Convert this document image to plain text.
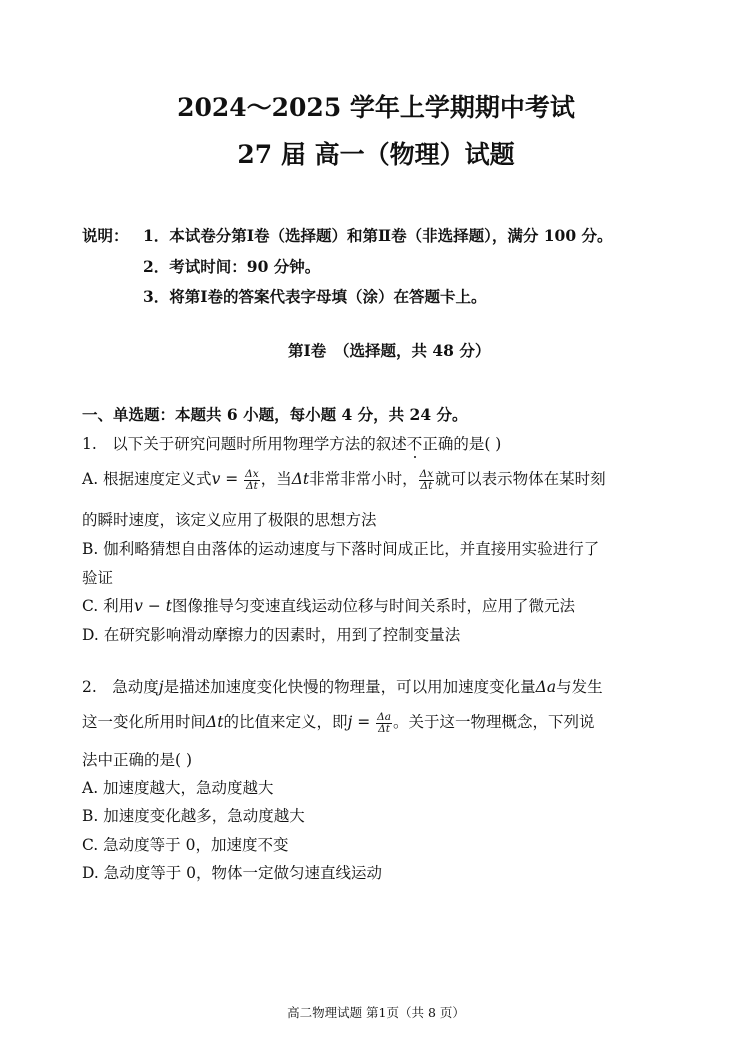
2024～2025 学年上学期期中考试
27 届 高一（物理）试题
说明： 1．本试卷分第Ⅰ卷（选择题）和第Ⅱ卷（非选择题），满分 100 分。
2．考试时间：90 分钟。
3．将第Ⅰ卷的答案代表字母填（涂）在答题卡上。
第Ⅰ卷　（选择题，共 48 分）
一、单选题：本题共 6 小题，每小题 4 分，共 24 分。
1.　以下关于研究问题时所用物理学方法的叙述不正确的是( )
A. 根据速度定义式$v = \frac{\Delta x}{\Delta t}$ ，当Δt非常非常小时， $\frac{\Delta x}{\Delta t}$ 就可以表示物体在某时刻
的瞬时速度，该定义应用了极限的思想方法
B. 伽利略猜想自由落体的运动速度与下落时间成正比，并直接用实验进行了
验证
C. 利用v − t图像推导匀变速直线运动位移与时间关系时，应用了微元法
D. 在研究影响滑动摩擦力的因素时，用到了控制变量法
2.　急动度j是描述加速度变化快慢的物理量，可以用加速度变化量Δa与发生
这一变化所用时间Δt的比值来定义，即$j = \frac{\Delta a}{\Delta t}$ 。关于这一物理概念，下列说
法中正确的是( )
A. 加速度越大，急动度越大
B. 加速度变化越多，急动度越大
C. 急动度等于 0，加速度不变
D. 急动度等于 0，物体一定做匀速直线运动
高二物理试题 第1页（共 8 页）
